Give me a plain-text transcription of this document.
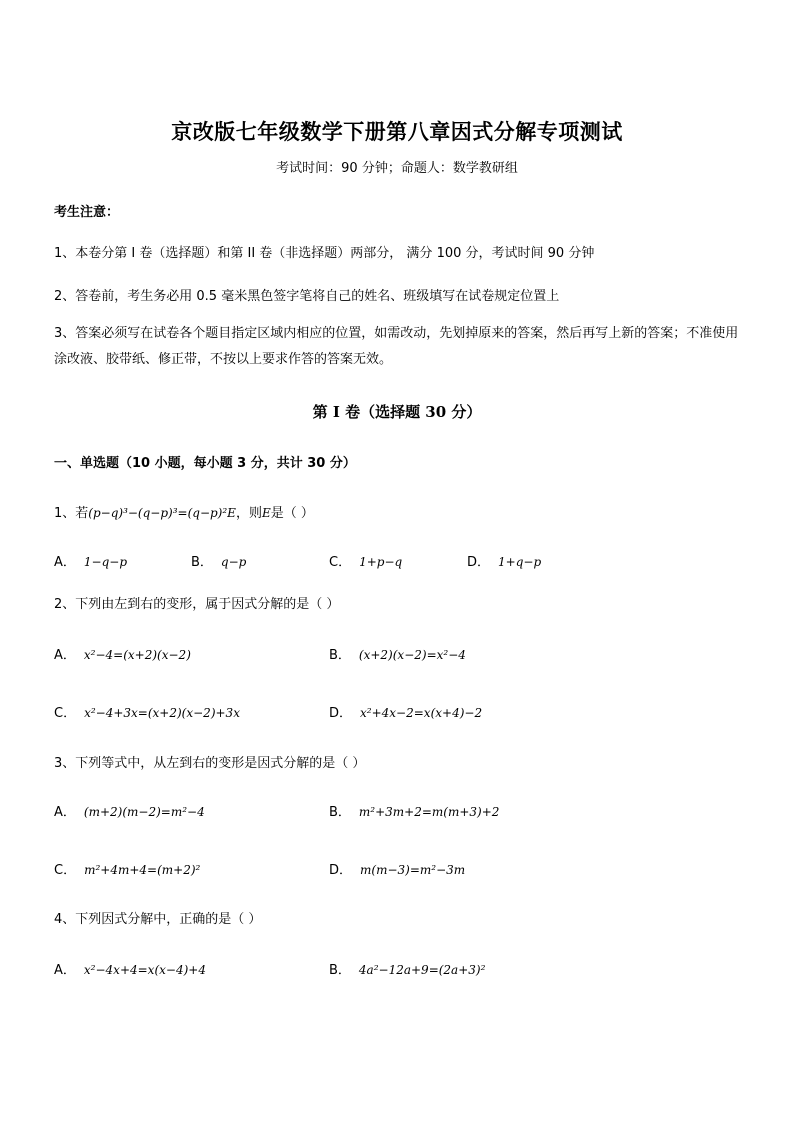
京改版七年级数学下册第八章因式分解专项测试
考试时间：90 分钟；命题人：数学教研组
考生注意：
1、本卷分第 I 卷（选择题）和第 II 卷（非选择题）两部分， 满分 100 分，考试时间 90 分钟
2、答卷前，考生务必用 0.5 毫米黑色签字笔将自己的姓名、班级填写在试卷规定位置上
3、答案必须写在试卷各个题目指定区域内相应的位置，如需改动，先划掉原来的答案，然后再写上新的答案；不准使用涂改液、胶带纸、修正带，不按以上要求作答的答案无效。
第 I 卷（选择题 30 分）
一、单选题（10 小题，每小题 3 分，共计 30 分）
1、若(p−q)³−(q−p)³=(q−p)²E，则E是（ ）
A． 1−q−p	B． q−p	C． 1+p−q	D． 1+q−p
2、下列由左到右的变形，属于因式分解的是（ ）
A． x²−4=(x+2)(x−2)	B． (x+2)(x−2)=x²−4
C． x²−4+3x=(x+2)(x−2)+3x	D． x²+4x−2=x(x+4)−2
3、下列等式中，从左到右的变形是因式分解的是（ ）
A． (m+2)(m−2)=m²−4	B． m²+3m+2=m(m+3)+2
C． m²+4m+4=(m+2)²	D． m(m−3)=m²−3m
4、下列因式分解中，正确的是（ ）
A． x²−4x+4=x(x−4)+4	B． 4a²−12a+9=(2a+3)²
